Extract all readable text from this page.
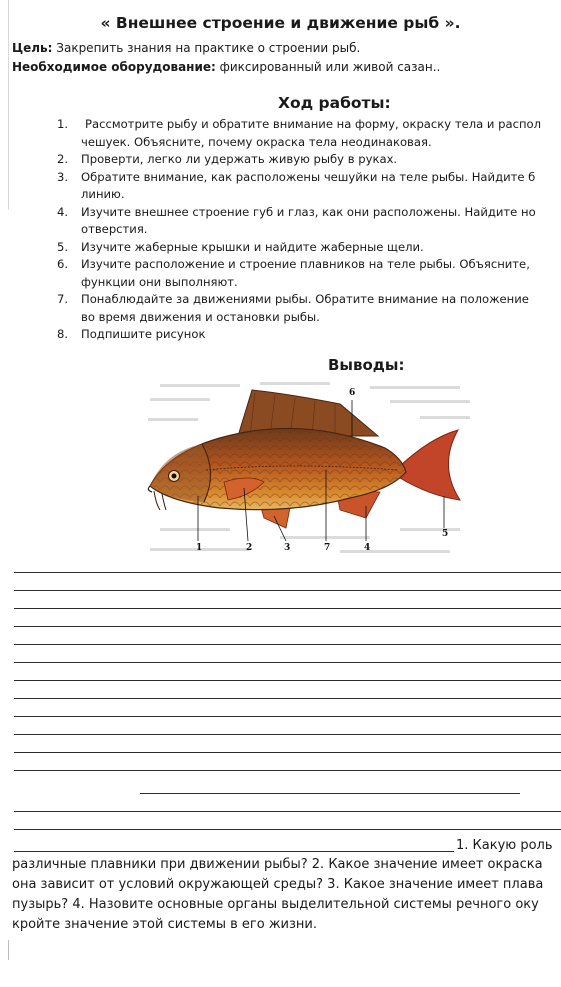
« Внешнее строение и движение рыб ».
Цель: Закрепить знания на практике о строении рыб.
Необходимое оборудование: фиксированный или живой сазан..
Ход работы:
1.	Рассмотрите рыбу и обратите внимание на форму, окраску тела и распол
чешуек. Объясните, почему окраска тела неодинаковая.
2. Проверти, легко ли удержать живую рыбу в руках.
3. Обратите внимание, как расположены чешуйки на теле рыбы. Найдите б
линию.
4. Изучите внешнее строение губ и глаз, как они расположены. Найдите но
отверстия.
5. Изучите жаберные крышки и найдите жаберные щели.
6. Изучите расположение и строение плавников на теле рыбы. Объясните,
функции они выполняют.
7. Понаблюдайте за движениями рыбы. Обратите внимание на положение
во время движения и остановки рыбы.
8. Подпишите рисунок
Выводы:
1	2	3	7	4
5
6
1. Какую роль
различные плавники при движении рыбы? 2. Какое значение имеет окраска
она зависит от условий окружающей среды? 3. Какое значение имеет плава
пузырь? 4. Назовите основные органы выделительной системы речного оку
кройте значение этой системы в его жизни.
